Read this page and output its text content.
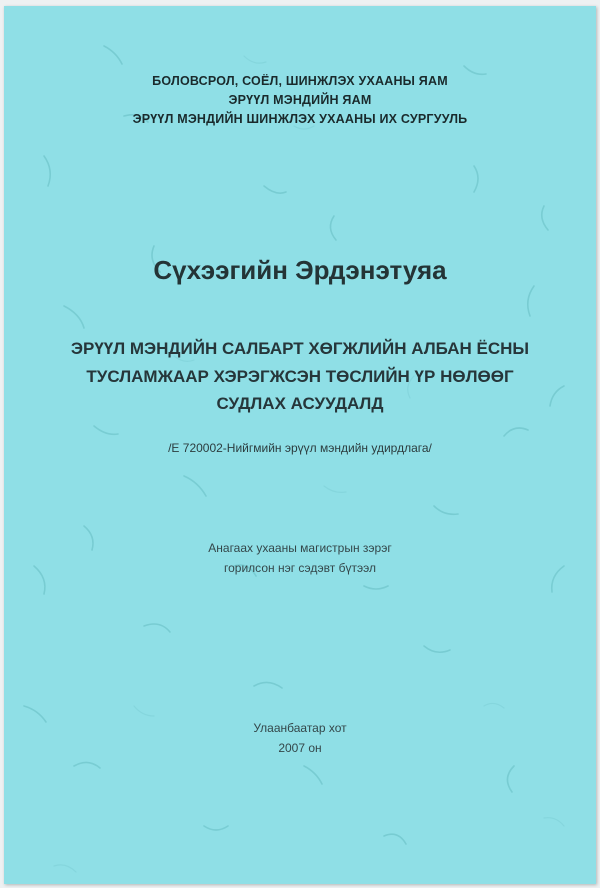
БОЛОВСРОЛ, СОЁЛ, ШИНЖЛЭХ УХААНЫ ЯАМ
ЭРҮҮЛ МЭНДИЙН ЯАМ
ЭРҮҮЛ МЭНДИЙН ШИНЖЛЭХ УХААНЫ ИХ СУРГУУЛЬ
Сүхээгийн Эрдэнэтуяа
ЭРҮҮЛ МЭНДИЙН САЛБАРТ ХӨГЖЛИЙН АЛБАН ЁСНЫ
ТУСЛАМЖААР ХЭРЭГЖСЭН ТӨСЛИЙН ҮР НӨЛӨӨГ
СУДЛАХ АСУУДАЛД
/Е 720002-Нийгмийн эрүүл мэндийн удирдлага/
Анагаах ухааны магистрын зэрэг
горилсон нэг сэдэвт бүтээл
Улаанбаатар хот
2007 он
